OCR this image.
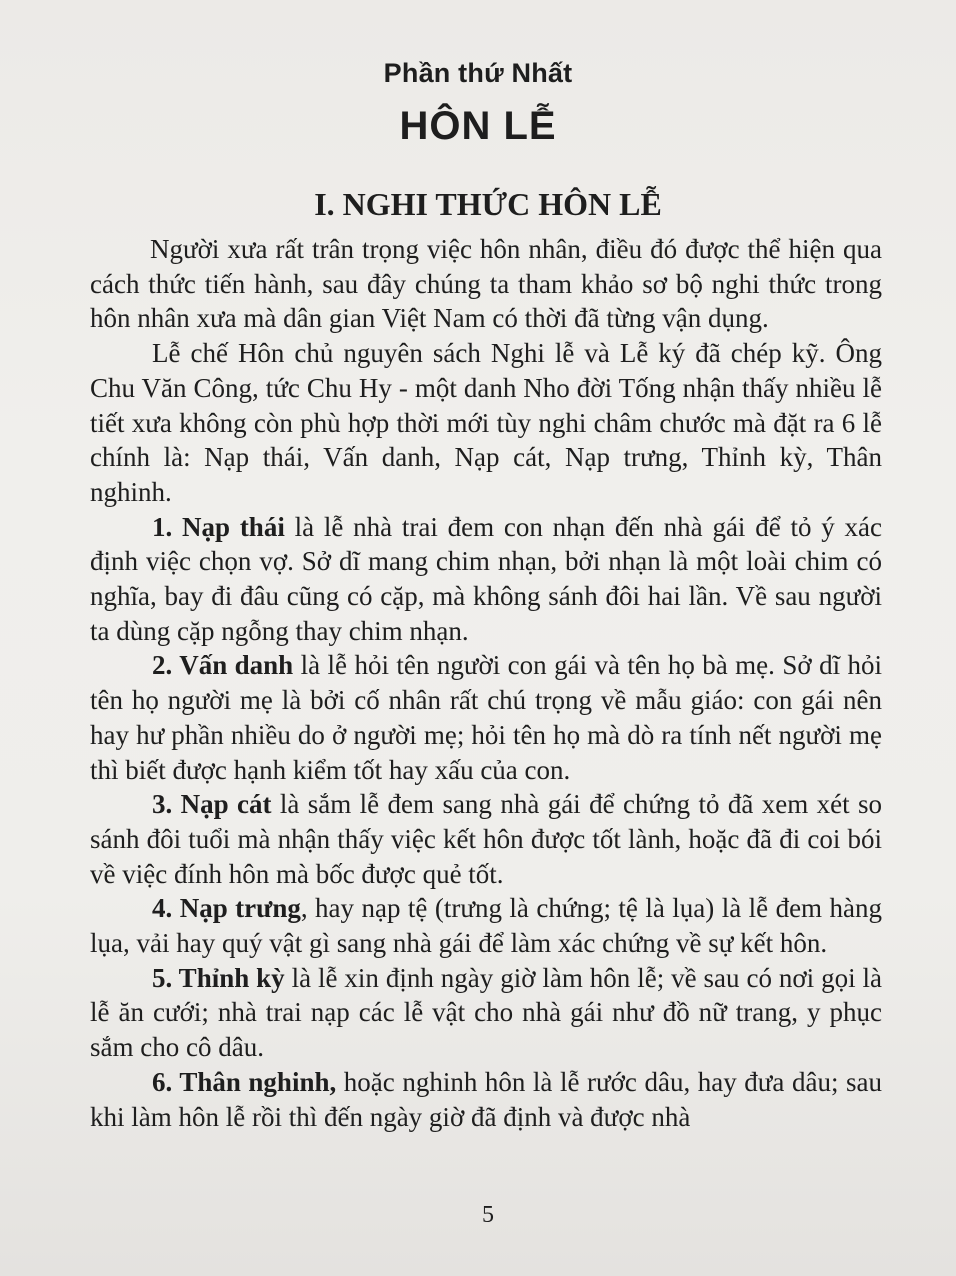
Phần thứ Nhất
HÔN LỄ
I. NGHI THỨC HÔN LỄ

Người xưa rất trân trọng việc hôn nhân, điều đó được thể hiện qua cách thức tiến hành, sau đây chúng ta tham khảo sơ bộ nghi thức trong hôn nhân xưa mà dân gian Việt Nam có thời đã từng vận dụng.

Lễ chế Hôn chủ nguyên sách Nghi lễ và Lễ ký đã chép kỹ. Ông Chu Văn Công, tức Chu Hy - một danh Nho đời Tống nhận thấy nhiều lễ tiết xưa không còn phù hợp thời mới tùy nghi châm chước mà đặt ra 6 lễ chính là: Nạp thái, Vấn danh, Nạp cát, Nạp trưng, Thỉnh kỳ, Thân nghinh.

1. Nạp thái là lễ nhà trai đem con nhạn đến nhà gái để tỏ ý xác định việc chọn vợ. Sở dĩ mang chim nhạn, bởi nhạn là một loài chim có nghĩa, bay đi đâu cũng có cặp, mà không sánh đôi hai lần. Về sau người ta dùng cặp ngỗng thay chim nhạn.

2. Vấn danh là lễ hỏi tên người con gái và tên họ bà mẹ. Sở dĩ hỏi tên họ người mẹ là bởi cố nhân rất chú trọng về mẫu giáo: con gái nên hay hư phần nhiều do ở người mẹ; hỏi tên họ mà dò ra tính nết người mẹ thì biết được hạnh kiểm tốt hay xấu của con.

3. Nạp cát là sắm lễ đem sang nhà gái để chứng tỏ đã xem xét so sánh đôi tuổi mà nhận thấy việc kết hôn được tốt lành, hoặc đã đi coi bói về việc đính hôn mà bốc được quẻ tốt.

4. Nạp trưng, hay nạp tệ (trưng là chứng; tệ là lụa) là lễ đem hàng lụa, vải hay quý vật gì sang nhà gái để làm xác chứng về sự kết hôn.

5. Thỉnh kỳ là lễ xin định ngày giờ làm hôn lễ; về sau có nơi gọi là lễ ăn cưới; nhà trai nạp các lễ vật cho nhà gái như đồ nữ trang, y phục sắm cho cô dâu.

6. Thân nghinh, hoặc nghinh hôn là lễ rước dâu, hay đưa dâu; sau khi làm hôn lễ rồi thì đến ngày giờ đã định và được nhà

5
